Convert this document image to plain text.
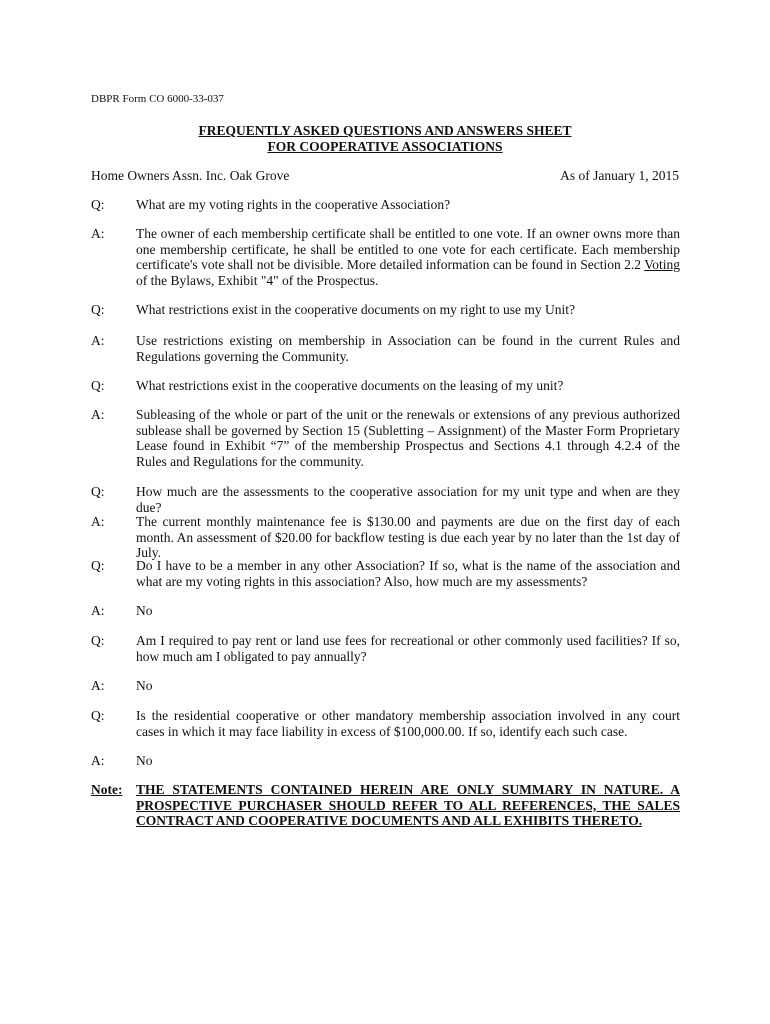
DBPR Form CO 6000-33-037
FREQUENTLY ASKED QUESTIONS AND ANSWERS SHEET
FOR COOPERATIVE ASSOCIATIONS
Home Owners Assn. Inc. Oak Grove	As of January 1, 2015
Q:	What are my voting rights in the cooperative Association?
A:	The owner of each membership certificate shall be entitled to one vote. If an owner owns more than one membership certificate, he shall be entitled to one vote for each certificate. Each membership certificate's vote shall not be divisible. More detailed information can be found in Section 2.2 Voting of the Bylaws, Exhibit "4" of the Prospectus.
Q:	What restrictions exist in the cooperative documents on my right to use my Unit?
A:	Use restrictions existing on membership in Association can be found in the current Rules and Regulations governing the Community.
Q:	What restrictions exist in the cooperative documents on the leasing of my unit?
A:	Subleasing of the whole or part of the unit or the renewals or extensions of any previous authorized sublease shall be governed by Section 15 (Subletting – Assignment) of the Master Form Proprietary Lease found in Exhibit “7” of the membership Prospectus and Sections 4.1 through 4.2.4 of the Rules and Regulations for the community.
Q:	How much are the assessments to the cooperative association for my unit type and when are they due?
A:	The current monthly maintenance fee is $130.00 and payments are due on the first day of each month. An assessment of $20.00 for backflow testing is due each year by no later than the 1st day of July.
Q:	Do I have to be a member in any other Association? If so, what is the name of the association and what are my voting rights in this association? Also, how much are my assessments?
A:	No
Q:	Am I required to pay rent or land use fees for recreational or other commonly used facilities? If so, how much am I obligated to pay annually?
A:	No
Q:	Is the residential cooperative or other mandatory membership association involved in any court cases in which it may face liability in excess of $100,000.00. If so, identify each such case.
A:	No
Note:	THE STATEMENTS CONTAINED HEREIN ARE ONLY SUMMARY IN NATURE. A PROSPECTIVE PURCHASER SHOULD REFER TO ALL REFERENCES, THE SALES CONTRACT AND COOPERATIVE DOCUMENTS AND ALL EXHIBITS THERETO.
